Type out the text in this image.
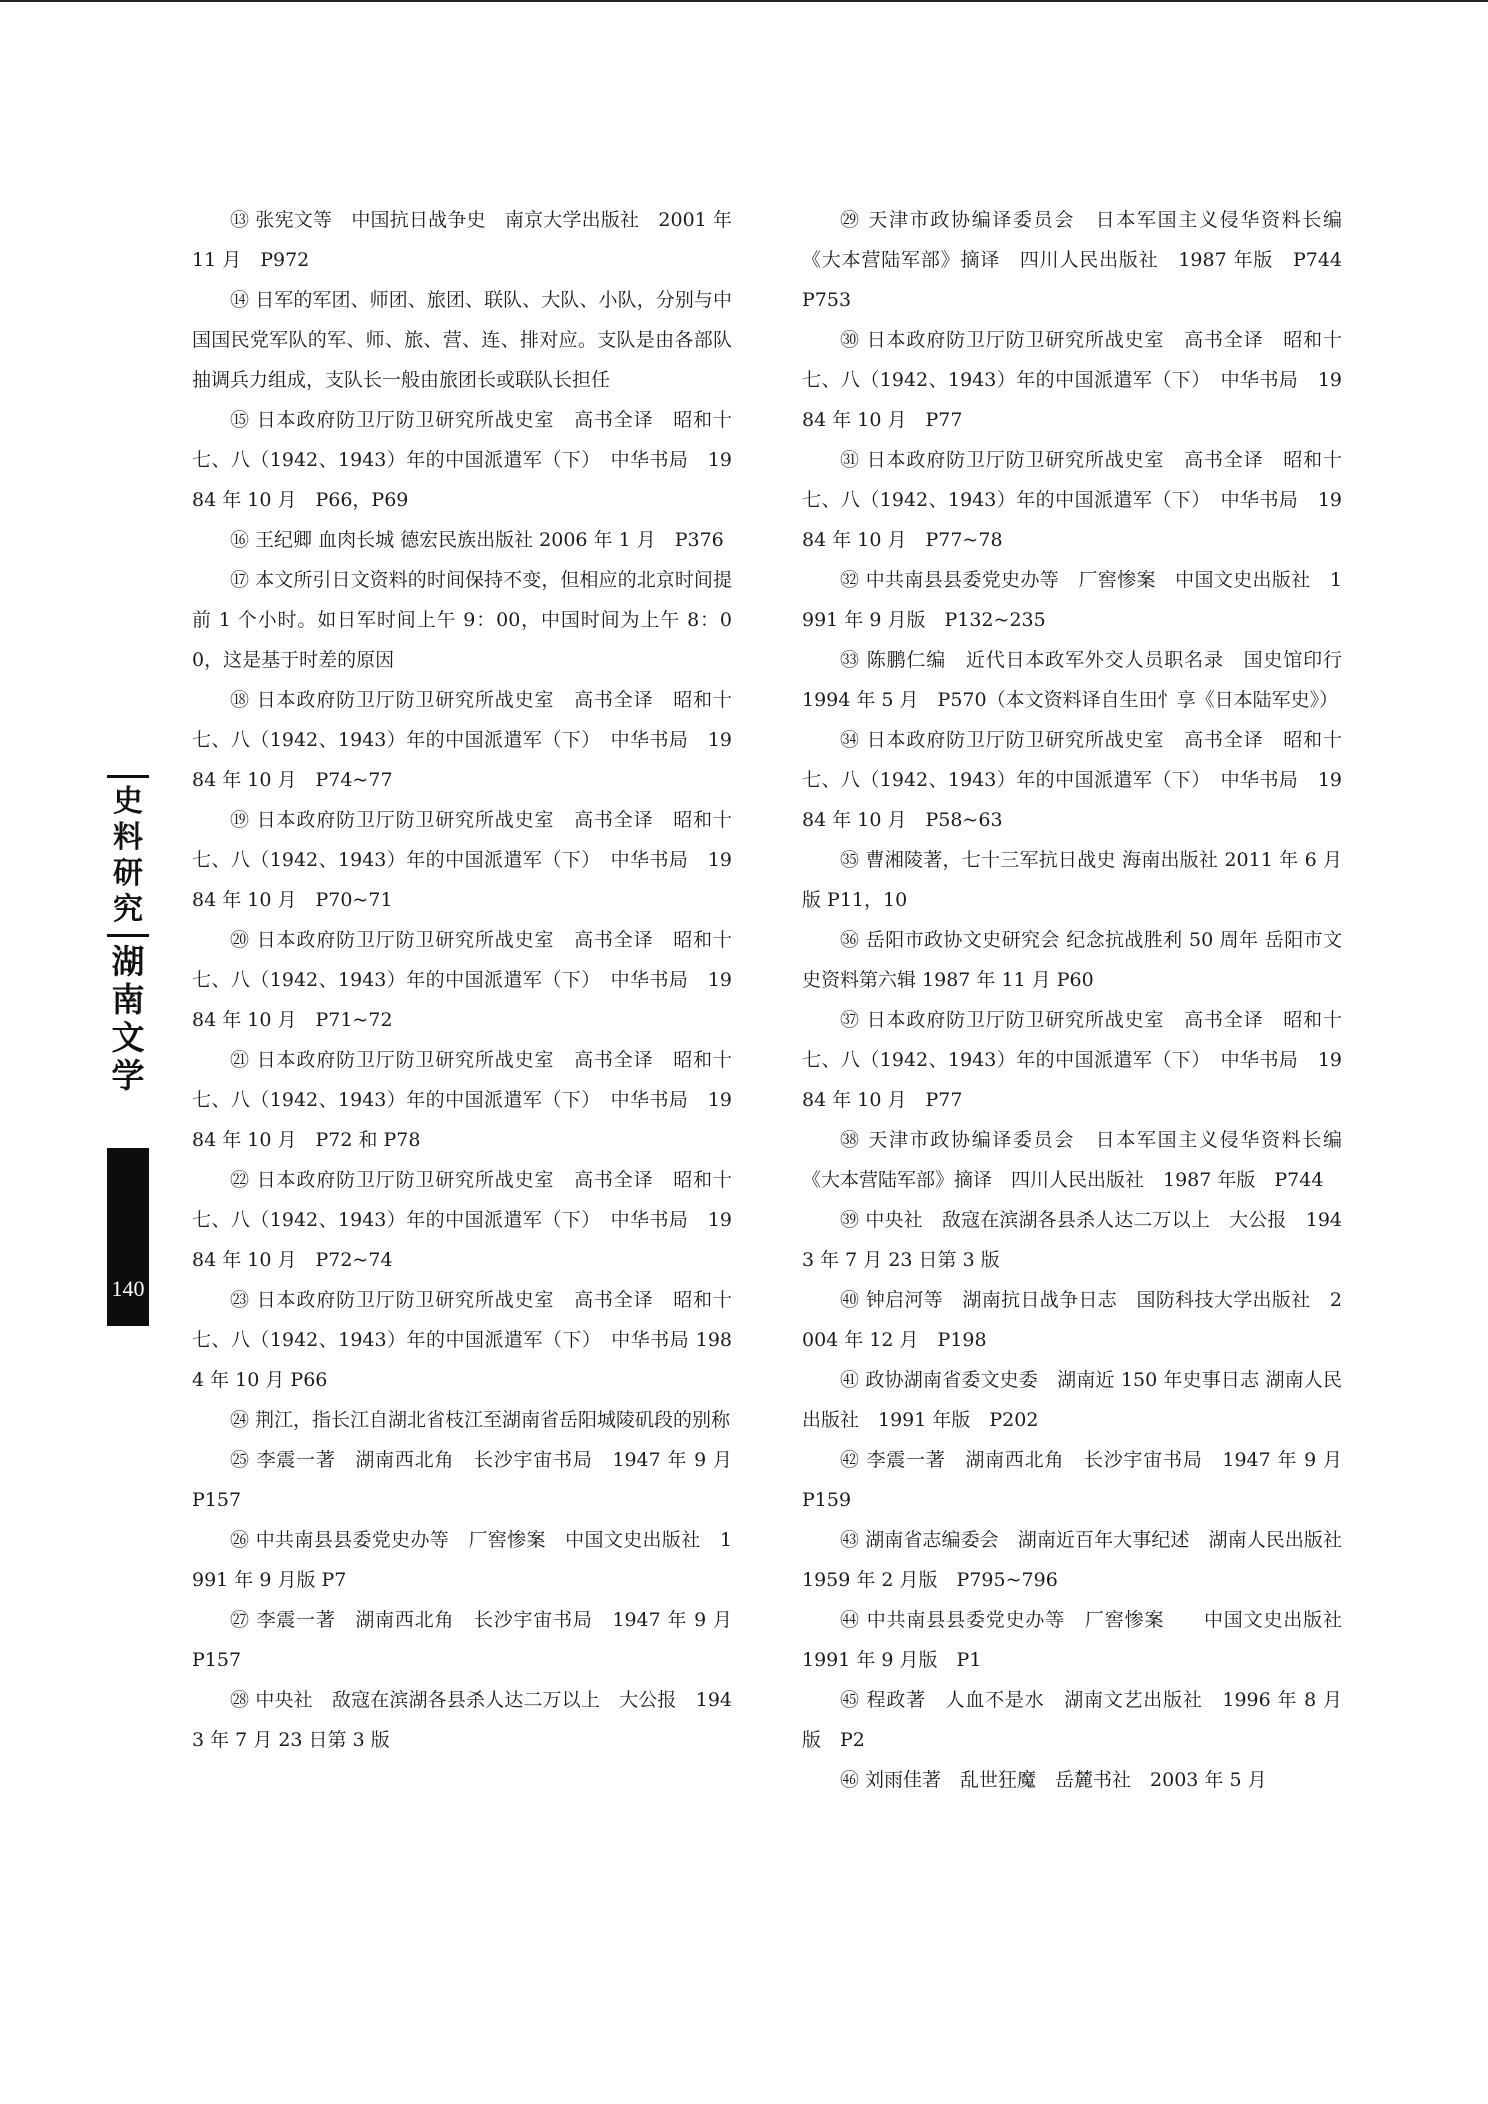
史
料
研
究
湖
南
文
学
140

⑬ 张宪文等　中国抗日战争史　南京大学出版社　2001 年 11 月　P972

⑭ 日军的军团、师团、旅团、联队、大队、小队，分别与中国国民党军队的军、师、旅、营、连、排对应。支队是由各部队抽调兵力组成，支队长一般由旅团长或联队长担任

⑮ 日本政府防卫厅防卫研究所战史室　高书全译　昭和十七、八（1942、1943）年的中国派遣军（下）　中华书局　1984 年 10 月　P66，P69

⑯ 王纪卿 血肉长城 德宏民族出版社 2006 年 1 月　P376

⑰ 本文所引日文资料的时间保持不变，但相应的北京时间提前 1 个小时。如日军时间上午 9：00，中国时间为上午 8：00，这是基于时差的原因

⑱ 日本政府防卫厅防卫研究所战史室　高书全译　昭和十七、八（1942、1943）年的中国派遣军（下）　中华书局　1984 年 10 月　P74~77

⑲ 日本政府防卫厅防卫研究所战史室　高书全译　昭和十七、八（1942、1943）年的中国派遣军（下）　中华书局　1984 年 10 月　P70~71

⑳ 日本政府防卫厅防卫研究所战史室　高书全译　昭和十七、八（1942、1943）年的中国派遣军（下）　中华书局　1984 年 10 月　P71~72

㉑ 日本政府防卫厅防卫研究所战史室　高书全译　昭和十七、八（1942、1943）年的中国派遣军（下）　中华书局　1984 年 10 月　P72 和 P78

㉒ 日本政府防卫厅防卫研究所战史室　高书全译　昭和十七、八（1942、1943）年的中国派遣军（下）　中华书局　1984 年 10 月　P72~74

㉓ 日本政府防卫厅防卫研究所战史室　高书全译　昭和十七、八（1942、1943）年的中国派遣军（下）　中华书局 1984 年 10 月 P66

㉔ 荆江，指长江自湖北省枝江至湖南省岳阳城陵矶段的别称

㉕ 李震一著　湖南西北角　长沙宇宙书局　1947 年 9 月　P157

㉖ 中共南县县委党史办等　厂窖惨案　中国文史出版社　1991 年 9 月版 P7

㉗ 李震一著　湖南西北角　长沙宇宙书局　1947 年 9 月　P157

㉘ 中央社　敌寇在滨湖各县杀人达二万以上　大公报　1943 年 7 月 23 日第 3 版

㉙ 天津市政协编译委员会　日本军国主义侵华资料长编　《大本营陆军部》摘译　四川人民出版社　1987 年版　P744　P753

㉚ 日本政府防卫厅防卫研究所战史室　高书全译　昭和十七、八（1942、1943）年的中国派遣军（下）　中华书局　1984 年 10 月　P77

㉛ 日本政府防卫厅防卫研究所战史室　高书全译　昭和十七、八（1942、1943）年的中国派遣军（下）　中华书局　1984 年 10 月　P77~78

㉜ 中共南县县委党史办等　厂窖惨案　中国文史出版社　1991 年 9 月版　P132~235

㉝ 陈鹏仁编　近代日本政军外交人员职名录　国史馆印行　1994 年 5 月　P570（本文资料译自生田忄享《日本陆军史》）

㉞ 日本政府防卫厅防卫研究所战史室　高书全译　昭和十七、八（1942、1943）年的中国派遣军（下）　中华书局　1984 年 10 月　P58~63

㉟ 曹湘陵著，七十三军抗日战史 海南出版社 2011 年 6 月版 P11，10

㊱ 岳阳市政协文史研究会 纪念抗战胜利 50 周年 岳阳市文史资料第六辑 1987 年 11 月 P60

㊲ 日本政府防卫厅防卫研究所战史室　高书全译　昭和十七、八（1942、1943）年的中国派遣军（下）　中华书局　1984 年 10 月　P77

㊳ 天津市政协编译委员会　日本军国主义侵华资料长编　《大本营陆军部》摘译　四川人民出版社　1987 年版　P744

㊴ 中央社　敌寇在滨湖各县杀人达二万以上　大公报　1943 年 7 月 23 日第 3 版

㊵ 钟启河等　湖南抗日战争日志　国防科技大学出版社　2004 年 12 月　P198

㊶ 政协湖南省委文史委　湖南近 150 年史事日志 湖南人民出版社　1991 年版　P202

㊷ 李震一著　湖南西北角　长沙宇宙书局　1947 年 9 月　P159

㊸ 湖南省志编委会　湖南近百年大事纪述　湖南人民出版社　1959 年 2 月版　P795~796

㊹ 中共南县县委党史办等　厂窖惨案　　中国文史出版社　1991 年 9 月版　P1

㊺ 程政著　人血不是水　湖南文艺出版社　1996 年 8 月版　P2

㊻ 刘雨佳著　乱世狂魔　岳麓书社　2003 年 5 月
